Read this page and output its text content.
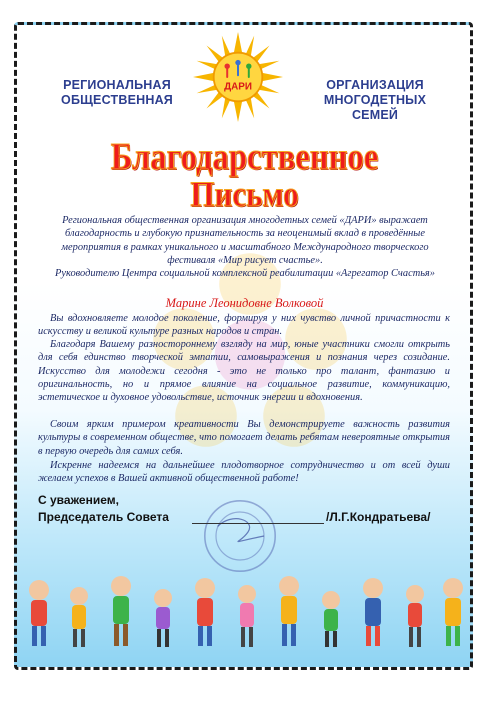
РЕГИОНАЛЬНАЯ ОБЩЕСТВЕННАЯ
ОРГАНИЗАЦИЯ МНОГОДЕТНЫХ СЕМЕЙ
ДАРИ
Благодарственное
Письмо
Региональная общественная организация многодетных семей «ДАРИ» выражает благодарность и глубокую признательность за неоценимый вклад в проведённые мероприятия в рамках уникального и масштабного Международного творческого фестиваля «Мир рисует счастье».
Руководителю Центра социальной комплексной реабилитации «Агрегатор Счастья»
Марине Леонидовне Волковой
Вы вдохновляете молодое поколение, формируя у них чувство личной причастности к искусству и великой культуре разных народов и стран.
Благодаря Вашему разностороннему взгляду на мир, юные участники смогли открыть для себя единство творческой эмпатии, самовыражения и познания через созидание. Искусство для молодежи сегодня - это не только про талант, фантазию и оригинальность, но и прямое влияние на социальное развитие, коммуникацию, эстетическое и духовное удовольствие, источник энергии и вдохновения.
Своим ярким примером креативности Вы демонстрируете важность развития культуры в современном обществе, что помогает делать ребятам невероятные открытия в первую очередь для самих себя.
Искренне надеемся на дальнейшее плодотворное сотрудничество и от всей души желаем успехов в Вашей активной общественной работе!
С уважением,
Председатель Совета	/Л.Г.Кондратьева/
